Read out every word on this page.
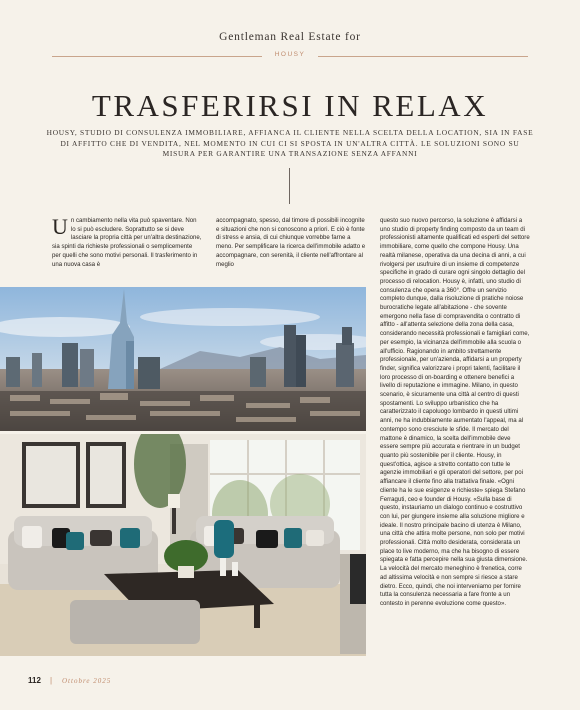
Gentleman Real Estate for
HOUSY
TRASFERIRSI IN RELAX
HOUSY, STUDIO DI CONSULENZA IMMOBILIARE, AFFIANCA IL CLIENTE NELLA SCELTA DELLA LOCATION, SIA IN FASE DI AFFITTO CHE DI VENDITA, NEL MOMENTO IN CUI CI SI SPOSTA IN UN'ALTRA CITTÀ. LE SOLUZIONI SONO SU MISURA PER GARANTIRE UNA TRANSAZIONE SENZA AFFANNI
U n cambiamento nella vita può spaventare. Non lo si può escludere. Soprattutto se si deve lasciare la propria città per un'altra destinazione, sia spinti da richieste professionali o semplicemente per quelli che sono motivi personali. Il trasferimento in una nuova casa è

accompagnato, spesso, dal timore di possibili incognite e situazioni che non si conoscono a priori. E ciò è fonte di stress e ansia, di cui chiunque vorrebbe farne a meno. Per semplificare la ricerca dell'immobile adatto e accompagnare, con serenità, il cliente nell'affrontare al meglio

questo suo nuovo percorso, la soluzione è affidarsi a uno studio di property finding composto da un team di professionisti altamente qualificati ed esperti del settore immobiliare, come quello che compone Housy. Una realtà milanese, operativa da una decina di anni, a cui rivolgersi per usufruire di un insieme di competenze specifiche in grado di curare ogni singolo dettaglio del processo di relocation. Housy è, infatti, uno studio di consulenza che opera a 360°. Offre un servizio completo dunque, dalla risoluzione di pratiche noiose burocratiche legate all'abitazione - che sovente emergono nella fase di compravendita o contratto di affitto - all'attenta selezione della zona della casa, considerando necessità professionali e famigliari come, per esempio, la vicinanza dell'immobile alla scuola o all'ufficio. Ragionando in ambito strettamente professionale, per un'azienda, affidarsi a un property finder, significa valorizzare i propri talenti, facilitare il loro processo di on-boarding e ottenere benefici a livello di reputazione e immagine. Milano, in questo scenario, è sicuramente una città al centro di questi spostamenti. Lo sviluppo urbanistico che ha caratterizzato il capoluogo lombardo in questi ultimi anni, ne ha indubbiamente aumentato l'appeal, ma al contempo sono cresciute le sfide. Il mercato del mattone è dinamico, la scelta dell'immobile deve essere sempre più accurata e rientrare in un budget quanto più sostenibile per il cliente. Housy, in quest'ottica, agisce a stretto contatto con tutte le agenzie immobiliari e gli operatori del settore, per poi affiancare il cliente fino alla trattativa finale. «Ogni cliente ha le sue esigenze e richieste» spiega Stefano Ferraguti, ceo e founder di Housy. «Sulla base di questo, instauriamo un dialogo continuo e costruttivo con lui, per giungere insieme alla soluzione migliore e ideale. Il nostro principale bacino di utenza è Milano, una città che attira molte persone, non solo per motivi professionali. Città molto desiderata, considerata un place to live moderno, ma che ha bisogno di essere spiegata e fatta percepire nella sua giusta dimensione. La velocità del mercato meneghino è frenetica, corre ad altissima velocità e non sempre si riesce a stare dietro. Ecco, quindi, che noi interveniamo per fornire tutta la consulenza necessaria a fare fronte a un contesto in perenne evoluzione come questo».

112 | Ottobre 2025
